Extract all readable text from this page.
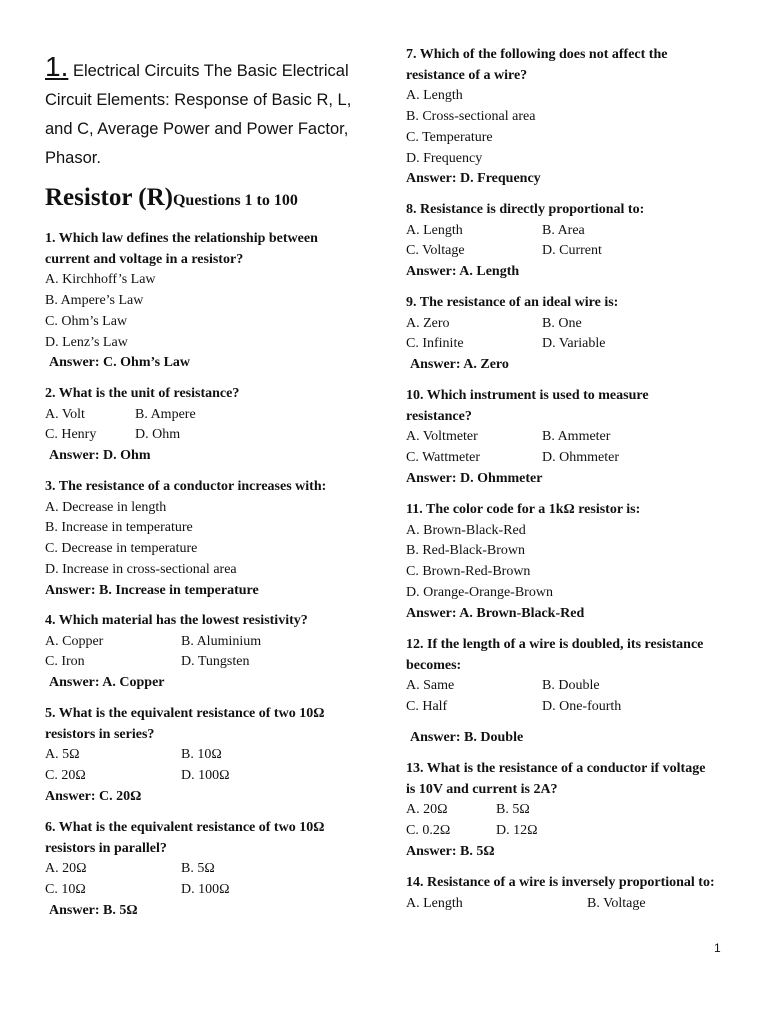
1. Electrical Circuits The Basic Electrical Circuit Elements: Response of Basic R, L, and C, Average Power and Power Factor, Phasor.
Resistor (R)Questions 1 to 100
1. Which law defines the relationship between current and voltage in a resistor?
A. Kirchhoff’s Law
B. Ampere’s Law
C. Ohm’s Law
D. Lenz’s Law
Answer: C. Ohm’s Law
2. What is the unit of resistance?
A. Volt	B. Ampere
C. Henry	D. Ohm
Answer: D. Ohm
3. The resistance of a conductor increases with:
A. Decrease in length
B. Increase in temperature
C. Decrease in temperature
D. Increase in cross-sectional area
Answer: B. Increase in temperature
4. Which material has the lowest resistivity?
A. Copper	B. Aluminium
C. Iron	D. Tungsten
Answer: A. Copper
5. What is the equivalent resistance of two 10Ω resistors in series?
A. 5Ω	B. 10Ω
C. 20Ω	D. 100Ω
Answer: C. 20Ω
6. What is the equivalent resistance of two 10Ω resistors in parallel?
A. 20Ω	B. 5Ω
C. 10Ω	D. 100Ω
Answer: B. 5Ω
7. Which of the following does not affect the resistance of a wire?
A. Length
B. Cross-sectional area
C. Temperature
D. Frequency
Answer: D. Frequency
8. Resistance is directly proportional to:
A. Length	B. Area
C. Voltage	D. Current
Answer: A. Length
9. The resistance of an ideal wire is:
A. Zero	B. One
C. Infinite	D. Variable
Answer: A. Zero
10. Which instrument is used to measure resistance?
A. Voltmeter	B. Ammeter
C. Wattmeter	D. Ohmmeter
Answer: D. Ohmmeter
11. The color code for a 1kΩ resistor is:
A. Brown-Black-Red
B. Red-Black-Brown
C. Brown-Red-Brown
D. Orange-Orange-Brown
Answer: A. Brown-Black-Red
12. If the length of a wire is doubled, its resistance becomes:
A. Same	B. Double
C. Half	D. One-fourth
Answer: B. Double
13. What is the resistance of a conductor if voltage is 10V and current is 2A?
A. 20Ω	B. 5Ω
C. 0.2Ω	D. 12Ω
Answer: B. 5Ω
14. Resistance of a wire is inversely proportional to:
A. Length	B. Voltage
1
